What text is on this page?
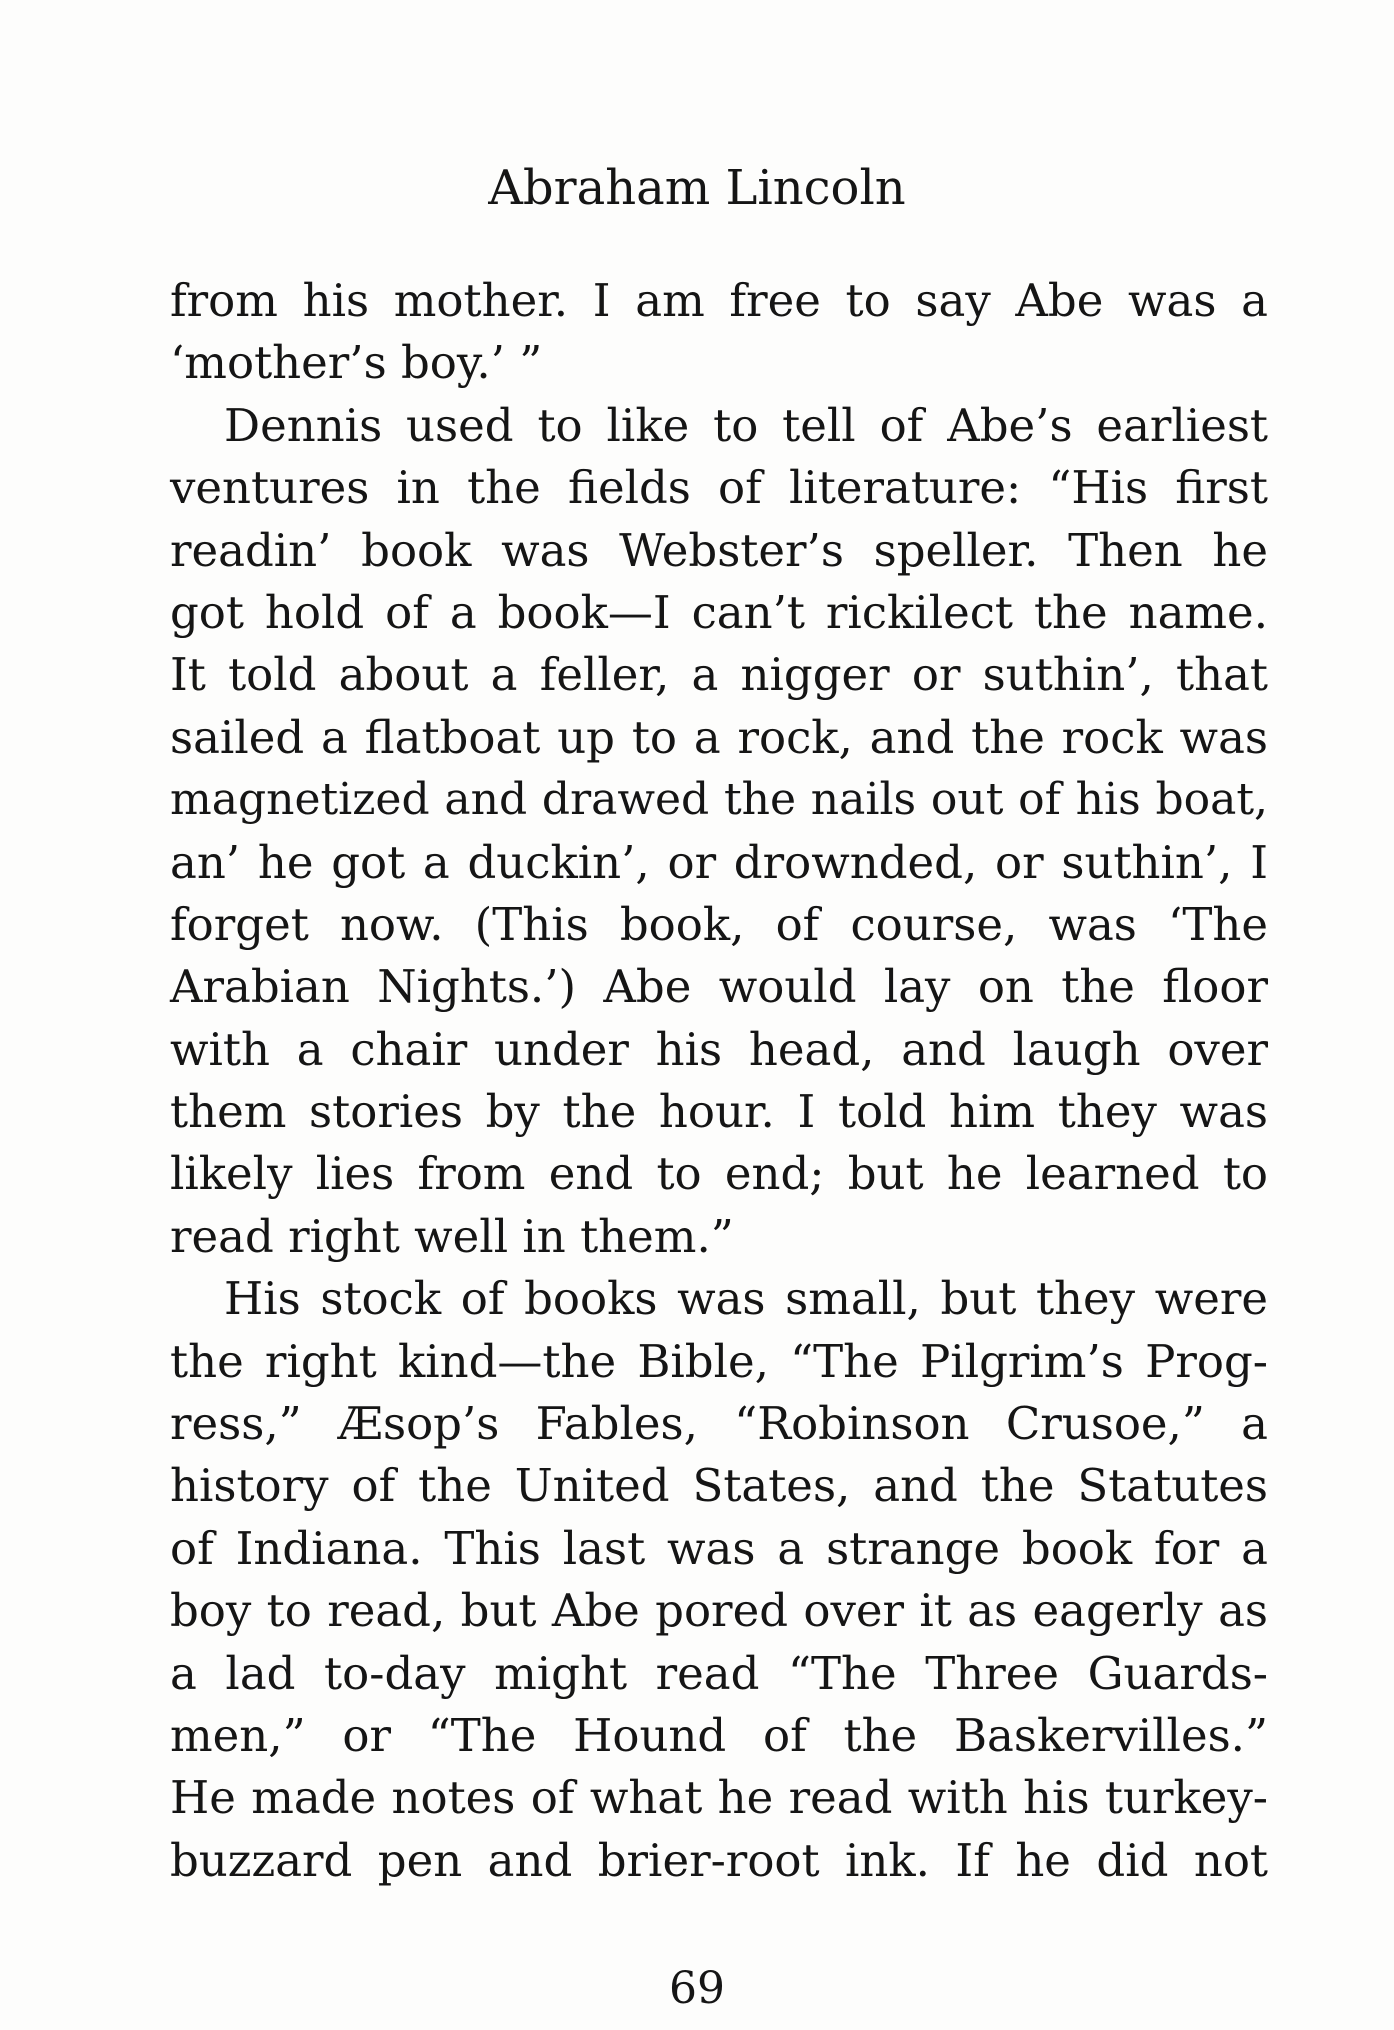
Abraham Lincoln
from his mother. I am free to say Abe was a
‘mother’s boy.’ ”
Dennis used to like to tell of Abe’s earliest
ventures in the fields of literature: “His first
readin’ book was Webster’s speller. Then he
got hold of a book—I can’t rickilect the name.
It told about a feller, a nigger or suthin’, that
sailed a flatboat up to a rock, and the rock was
magnetized and drawed the nails out of his boat,
an’ he got a duckin’, or drownded, or suthin’, I
forget now. (This book, of course, was ‘The
Arabian Nights.’) Abe would lay on the floor
with a chair under his head, and laugh over
them stories by the hour. I told him they was
likely lies from end to end; but he learned to
read right well in them.”
His stock of books was small, but they were
the right kind—the Bible, “The Pilgrim’s Prog-
ress,” Æsop’s Fables, “Robinson Crusoe,” a
history of the United States, and the Statutes
of Indiana. This last was a strange book for a
boy to read, but Abe pored over it as eagerly as
a lad to-day might read “The Three Guards-
men,” or “The Hound of the Baskervilles.”
He made notes of what he read with his turkey-
buzzard pen and brier-root ink. If he did not
69
